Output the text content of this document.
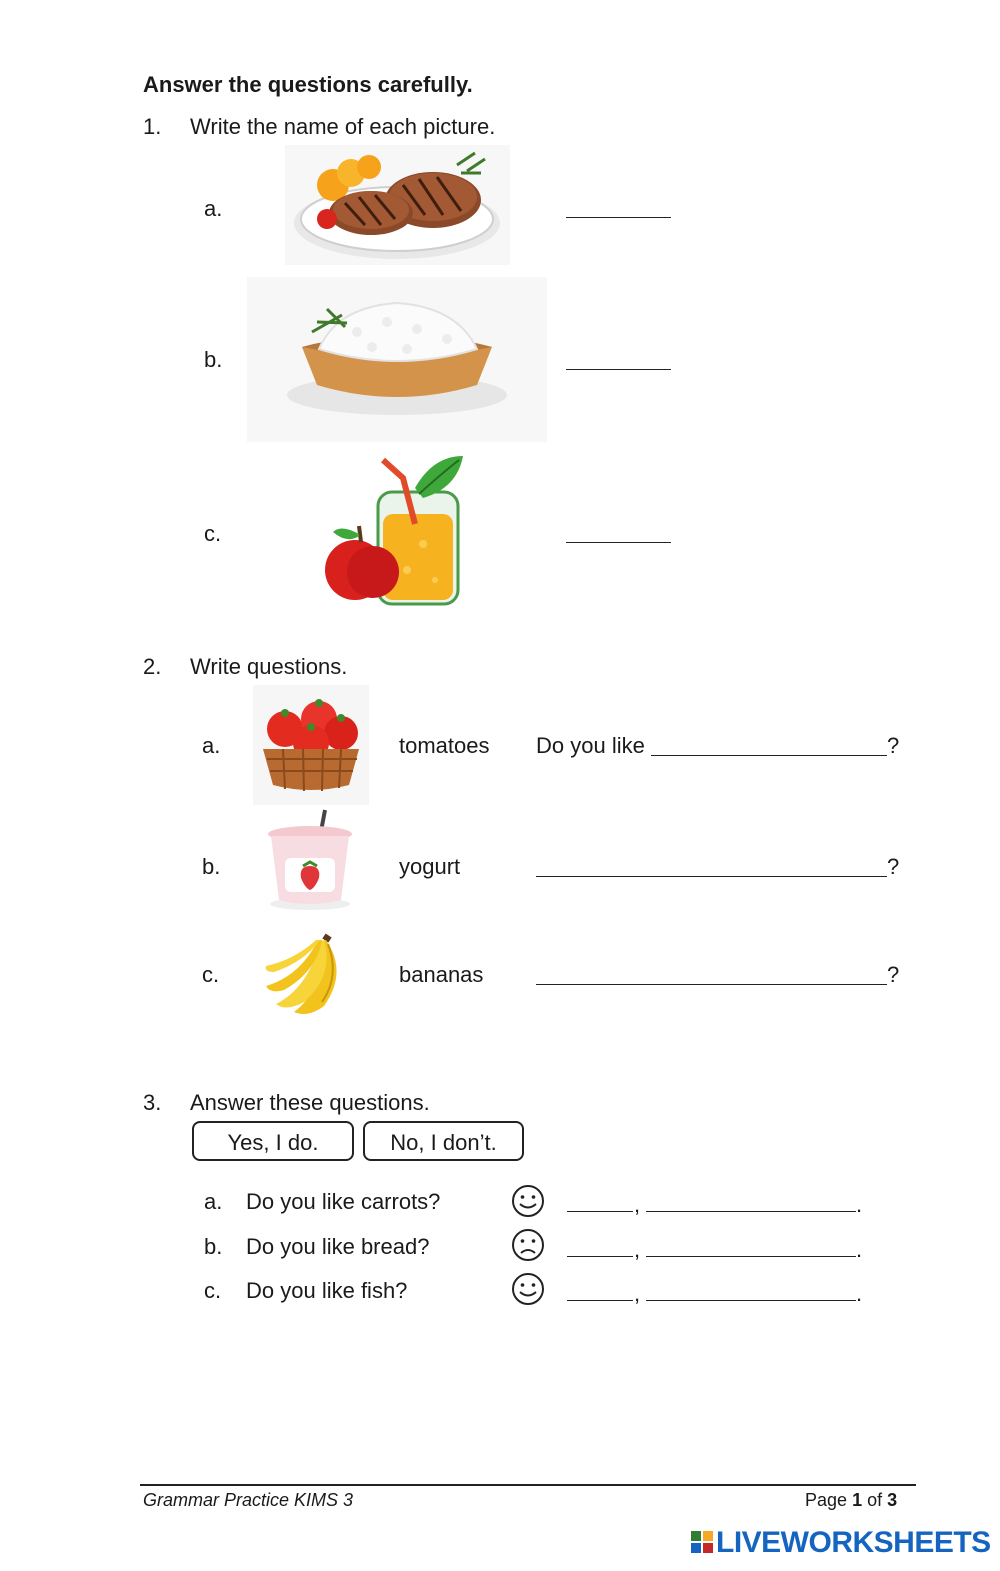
Answer the questions carefully.
1. Write the name of each picture.
a.
b.
c.
2. Write questions.
a.	tomatoes Do you like	?
b.	yogurt	?
c.	bananas	?
3. Answer these questions.
Yes, I do.	No, I don’t.
a. Do you like carrots?	,	.
b. Do you like bread?	,	.
c. Do you like fish?	,	.
Grammar Practice KIMS 3	Page 1 of 3
LIVEWORKSHEETS
